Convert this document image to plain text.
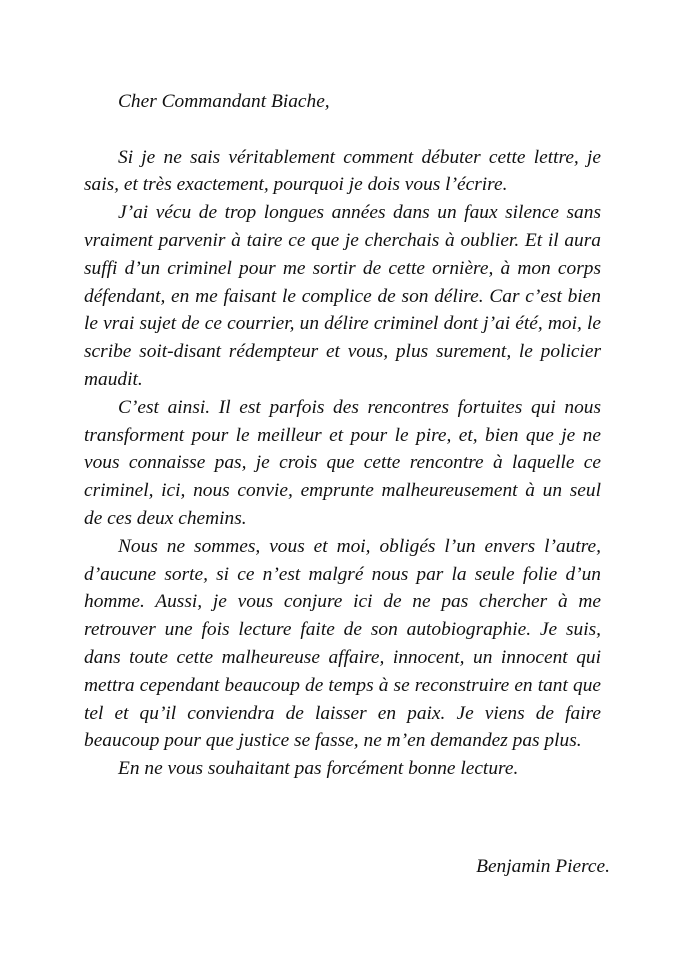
Cher Commandant Biache,

Si je ne sais véritablement comment débuter cette lettre, je sais, et très exactement, pourquoi je dois vous l’écrire.

J’ai vécu de trop longues années dans un faux silence sans vraiment parvenir à taire ce que je cherchais à oublier. Et il aura suffi d’un criminel pour me sortir de cette ornière, à mon corps défendant, en me faisant le complice de son délire. Car c’est bien le vrai sujet de ce courrier, un délire criminel dont j’ai été, moi, le scribe soit-disant rédempteur et vous, plus surement, le policier maudit.

C’est ainsi. Il est parfois des rencontres fortuites qui nous transforment pour le meilleur et pour le pire, et, bien que je ne vous connaisse pas, je crois que cette rencontre à laquelle ce criminel, ici, nous convie, emprunte malheureusement à un seul de ces deux chemins.

Nous ne sommes, vous et moi, obligés l’un envers l’autre, d’aucune sorte, si ce n’est malgré nous par la seule folie d’un homme. Aussi, je vous conjure ici de ne pas chercher à me retrouver une fois lecture faite de son autobiographie. Je suis, dans toute cette malheureuse affaire, innocent, un innocent qui mettra cependant beaucoup de temps à se reconstruire en tant que tel et qu’il conviendra de laisser en paix. Je viens de faire beaucoup pour que justice se fasse, ne m’en demandez pas plus.

En ne vous souhaitant pas forcément bonne lecture.

Benjamin Pierce.
